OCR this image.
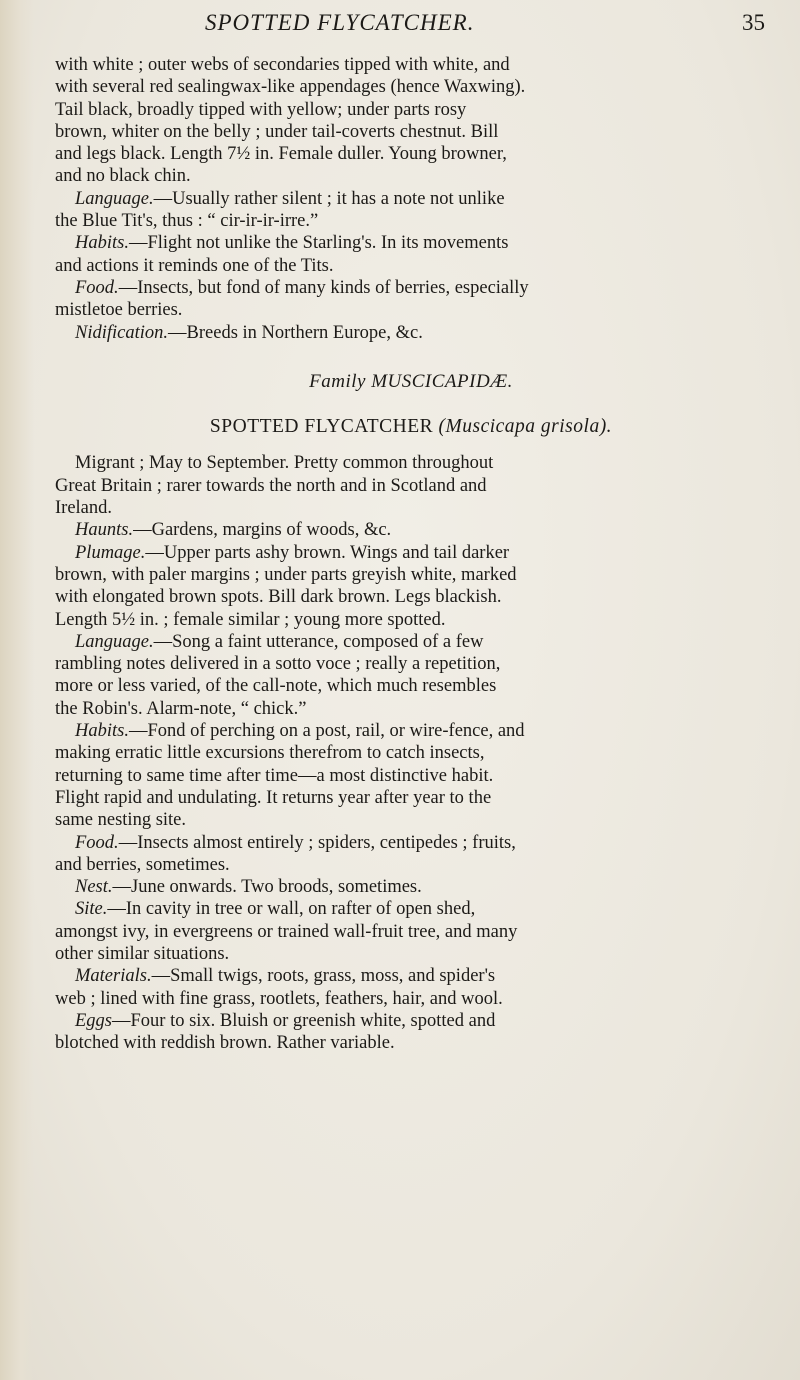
SPOTTED FLYCATCHER.	35
with white ; outer webs of secondaries tipped with white, and
with several red sealingwax-like appendages (hence Waxwing).
Tail black, broadly tipped with yellow; under parts rosy
brown, whiter on the belly ; under tail-coverts chestnut. Bill
and legs black. Length 7½ in. Female duller. Young browner,
and no black chin.
Language.—Usually rather silent ; it has a note not unlike
the Blue Tit's, thus : “ cir-ir-ir-irre.”
Habits.—Flight not unlike the Starling's. In its movements
and actions it reminds one of the Tits.
Food.—Insects, but fond of many kinds of berries, especially
mistletoe berries.
Nidification.—Breeds in Northern Europe, &c.
Family MUSCICAPIDÆ.
SPOTTED FLYCATCHER (Muscicapa grisola).
Migrant ; May to September. Pretty common throughout
Great Britain ; rarer towards the north and in Scotland and
Ireland.
Haunts.—Gardens, margins of woods, &c.
Plumage.—Upper parts ashy brown. Wings and tail darker
brown, with paler margins ; under parts greyish white, marked
with elongated brown spots. Bill dark brown. Legs blackish.
Length 5½ in. ; female similar ; young more spotted.
Language.—Song a faint utterance, composed of a few
rambling notes delivered in a sotto voce ; really a repetition,
more or less varied, of the call-note, which much resembles
the Robin's. Alarm-note, “ chick.”
Habits.—Fond of perching on a post, rail, or wire-fence, and
making erratic little excursions therefrom to catch insects,
returning to same time after time—a most distinctive habit.
Flight rapid and undulating. It returns year after year to the
same nesting site.
Food.—Insects almost entirely ; spiders, centipedes ; fruits,
and berries, sometimes.
Nest.—June onwards. Two broods, sometimes.
Site.—In cavity in tree or wall, on rafter of open shed,
amongst ivy, in evergreens or trained wall-fruit tree, and many
other similar situations.
Materials.—Small twigs, roots, grass, moss, and spider's
web ; lined with fine grass, rootlets, feathers, hair, and wool.
Eggs—Four to six. Bluish or greenish white, spotted and
blotched with reddish brown. Rather variable.
